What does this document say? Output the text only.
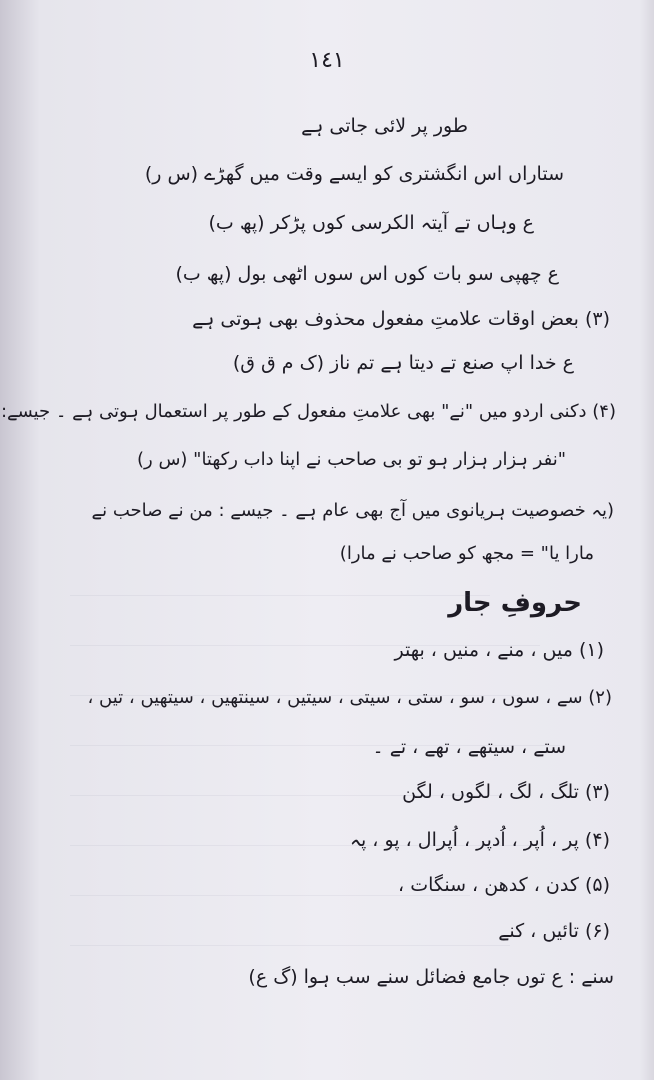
١٤١
طور پر لائی جاتی ہے
ستاراں اس انگشتری کو ایسے وقت میں گھڑے (س ر)
ع وہاں تے آیتہ الکرسی کوں پڑکر (پھ ب)
ع چھپی سو بات کوں اس سوں اٹھی بول (پھ ب)
(۳) بعض اوقات علامتِ مفعول محذوف بھی ہوتی ہے
ع خدا اپ صنع تے دیتا ہے تم ناز (ک م ق ق)
(۴) دکنی اردو میں "نے" بھی علامتِ مفعول کے طور پر استعمال ہوتی ہے ۔ جیسے:
"نفر ہزار ہزار ہو تو بی صاحب نے اپنا داب رکھتا" (س ر)
(یہ خصوصیت ہریانوی میں آج بھی عام ہے ۔ جیسے : من نے صاحب نے
مارا یا" = مجھ کو صاحب نے مارا)
حروفِ جار
(۱) میں ، منے ، منیں ، بھتر
(۲) سے ، سوں ، سو ، ستی ، سیتی ، سیتیں ، سینتھیں ، سیتھیں ، تیں ،
ستے ، سیتھے ، تھے ، تے ۔
(۳) تلگ ، لگ ، لگوں ، لگن
(۴) پر ، اُپر ، اُدپر ، اُپرال ، پو ، پہ
(۵) کدن ، کدھن ، سنگات ،
(۶) تائیں ، کنے
سنے : ع توں جامع فضائل سنے سب ہوا (گ ع)
